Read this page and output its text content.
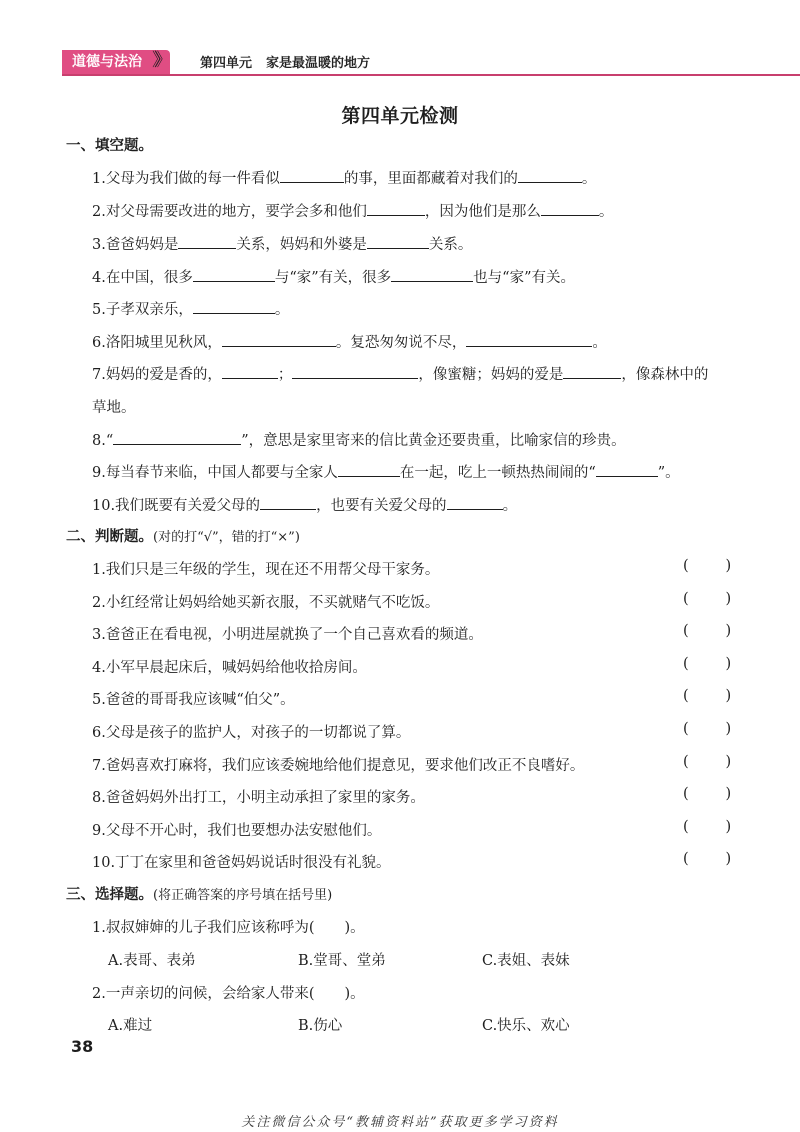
道德与法治	第四单元 家是最温暖的地方
》》
第四单元检测
一、填空题。
1.父母为我们做的每一件看似	的事，里面都藏着对我们的	。
2.对父母需要改进的地方，要学会多和他们	，因为他们是那么	。
3.爸爸妈妈是	关系，妈妈和外婆是	关系。
4.在中国，很多	与“家”有关，很多	也与“家”有关。
5.子孝双亲乐，	。
6.洛阳城里见秋风，	。复恐匆匆说不尽，	。
7.妈妈的爱是香的，	；	，像蜜糖；妈妈的爱是	，像森林中的
草地。
8.“	”，意思是家里寄来的信比黄金还要贵重，比喻家信的珍贵。
9.每当春节来临，中国人都要与全家人	在一起，吃上一顿热热闹闹的“	”。
10.我们既要有关爱父母的	，也要有关爱父母的	。
二、判断题。(对的打“√”，错的打“×”)
1.我们只是三年级的学生，现在还不用帮父母干家务。	(        )
2.小红经常让妈妈给她买新衣服，不买就赌气不吃饭。	(        )
3.爸爸正在看电视，小明进屋就换了一个自己喜欢看的频道。	(        )
4.小军早晨起床后，喊妈妈给他收拾房间。	(        )
5.爸爸的哥哥我应该喊“伯父”。	(        )
6.父母是孩子的监护人，对孩子的一切都说了算。	(        )
7.爸妈喜欢打麻将，我们应该委婉地给他们提意见，要求他们改正不良嗜好。	(        )
8.爸爸妈妈外出打工，小明主动承担了家里的家务。	(        )
9.父母不开心时，我们也要想办法安慰他们。	(        )
10.丁丁在家里和爸爸妈妈说话时很没有礼貌。	(        )
三、选择题。(将正确答案的序号填在括号里)
1.叔叔婶婶的儿子我们应该称呼为( )。
A.表哥、表弟	B.堂哥、堂弟	C.表姐、表妹
2.一声亲切的问候，会给家人带来( )。
A.难过	B.伤心	C.快乐、欢心
38
关注微信公众号“教辅资料站”获取更多学习资料
